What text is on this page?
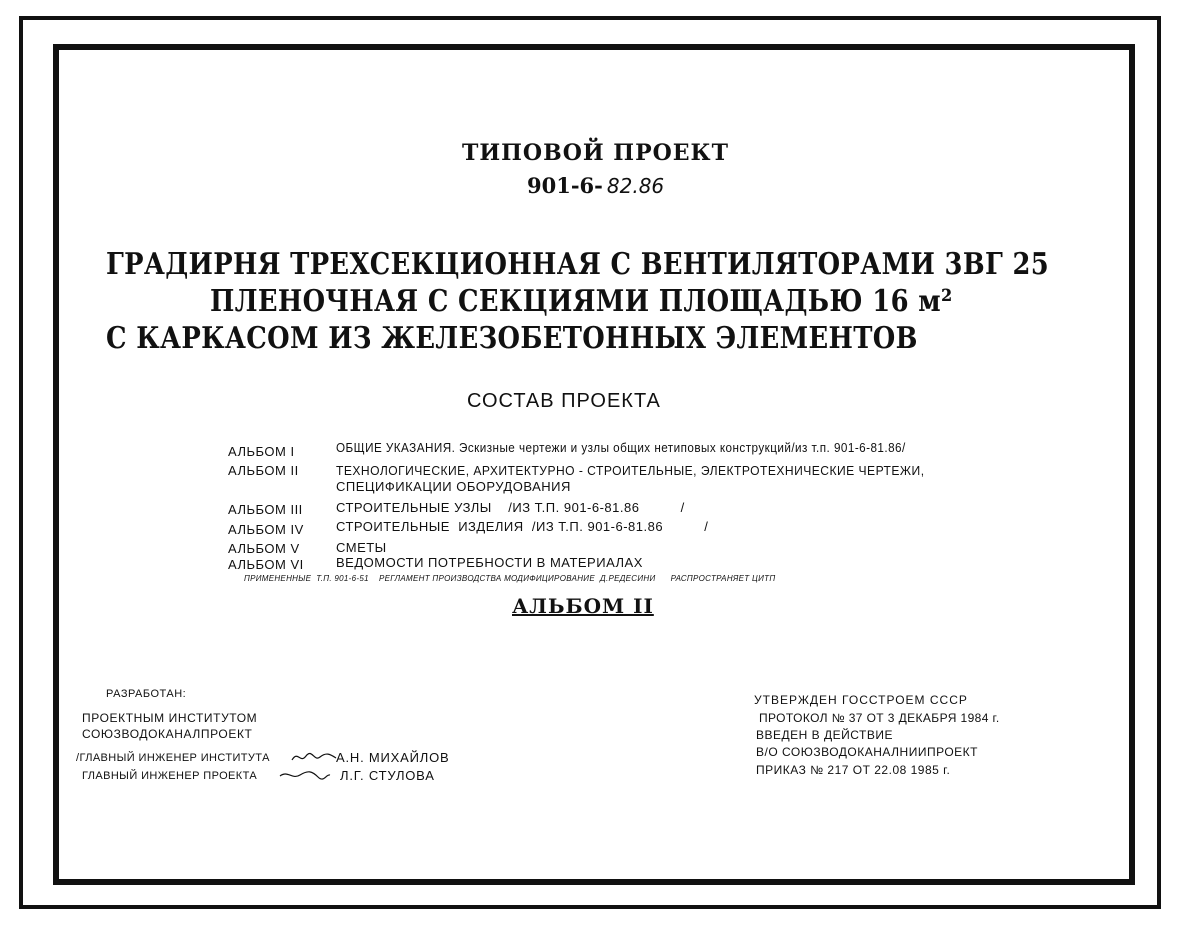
ТИПОВОЙ ПРОЕКТ
901-6- 82.86
ГРАДИРНЯ ТРЕХСЕКЦИОННАЯ С ВЕНТИЛЯТОРАМИ 3ВГ 25
ПЛЕНОЧНАЯ С СЕКЦИЯМИ ПЛОЩАДЬЮ 16 м²
С КАРКАСОМ ИЗ ЖЕЛЕЗОБЕТОННЫХ ЭЛЕМЕНТОВ
СОСТАВ ПРОЕКТА
АЛЬБОМ I	ОБЩИЕ УКАЗАНИЯ. Эскизные чертежи и узлы общих нетиповых конструкций/из т.п. 901-6-81.86/
АЛЬБОМ II	ТЕХНОЛОГИЧЕСКИЕ, АРХИТЕКТУРНО - СТРОИТЕЛЬНЫЕ, ЭЛЕКТРОТЕХНИЧЕСКИЕ ЧЕРТЕЖИ,
СПЕЦИФИКАЦИИ ОБОРУДОВАНИЯ
АЛЬБОМ III	СТРОИТЕЛЬНЫЕ УЗЛЫ    /ИЗ Т.П. 901-6-81.86          /
АЛЬБОМ IV СТРОИТЕЛЬНЫЕ  ИЗДЕЛИЯ  /ИЗ Т.П. 901-6-81.86          /
АЛЬБОМ V	СМЕТЫ
АЛЬБОМ VI ВЕДОМОСТИ ПОТРЕБНОСТИ В МАТЕРИАЛАХ
ПРИМЕНЕННЫЕ  Т.П. 901-6-51    РЕГЛАМЕНТ ПРОИЗВОДСТВА МОДИФИЦИРОВАНИЕ  Д.РЕДЕСИНИ      РАСПРОСТРАНЯЕТ ЦИТП
АЛЬБОМ II
РАЗРАБОТАН:
ПРОЕКТНЫМ ИНСТИТУТОМ
СОЮЗВОДОКАНАЛПРОЕКТ
/ГЛАВНЫЙ ИНЖЕНЕР ИНСТИТУТА	А.Н. МИХАЙЛОВ
ГЛАВНЫЙ ИНЖЕНЕР ПРОЕКТА	Л.Г. СТУЛОВА
УТВЕРЖДЕН ГОССТРОЕМ СССР
ПРОТОКОЛ № 37 ОТ 3 ДЕКАБРЯ 1984 г.
ВВЕДЕН В ДЕЙСТВИЕ
В/О СОЮЗВОДОКАНАЛНИИПРОЕКТ
ПРИКАЗ № 217 ОТ 22.08 1985 г.
